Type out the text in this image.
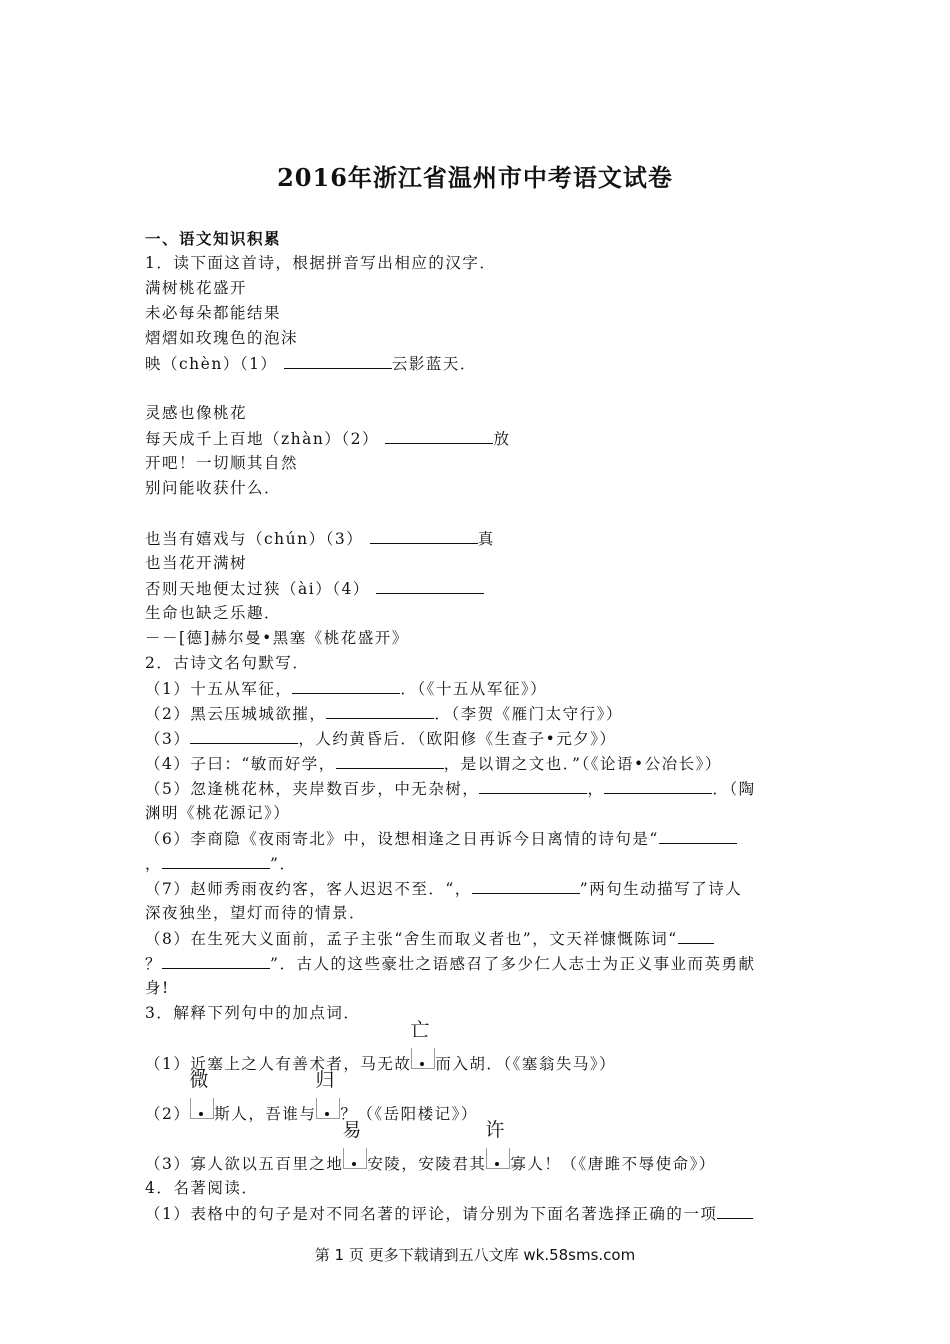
2016年浙江省温州市中考语文试卷
一、语文知识积累
1．读下面这首诗，根据拼音写出相应的汉字．
满树桃花盛开
未必每朵都能结果
熠熠如玫瑰色的泡沫
映（chèn）（1）	云影蓝天．
灵感也像桃花
每天成千上百地（zhàn）（2）	放
开吧！一切顺其自然
别问能收获什么．
也当有嬉戏与（chún）（3）	真
也当花开满树
否则天地便太过狭（ài）（4）
生命也缺乏乐趣．
－－[德]赫尔曼•黑塞《桃花盛开》
2．古诗文名句默写．
（1）十五从军征，	．（《十五从军征》）
（2）黑云压城城欲摧，	．（李贺《雁门太守行》）
（3）	，人约黄昏后．（欧阳修《生查子•元夕》）
（4）子曰：“敏而好学，	，是以谓之文也．”（《论语•公冶长》）
（5）忽逢桃花林，夹岸数百步，中无杂树，	，	．（陶
渊明《桃花源记》）
（6）李商隐《夜雨寄北》中，设想相逢之日再诉今日离情的诗句是“
，	”．
（7）赵师秀雨夜约客，客人迟迟不至．“，	”两句生动描写了诗人
深夜独坐，望灯而待的情景．
（8）在生死大义面前，孟子主张“舍生而取义者也”，文天祥慷慨陈词“
？	”．古人的这些豪壮之语感召了多少仁人志士为正义事业而英勇献
身!
3．解释下列句中的加点词．
（1）近塞上之人有善术者，马无故
亡
而入胡．（《塞翁失马》）
（2）
微
斯人，吾谁与
归
？（《岳阳楼记》）
（3）寡人欲以五百里之地
易
安陵，安陵君其
许
寡人！（《唐雎不辱使命》）
4．名著阅读．
（1）表格中的句子是对不同名著的评论，请分别为下面名著选择正确的一项
第 1 页 更多下载请到五八文库 wk.58sms.com
